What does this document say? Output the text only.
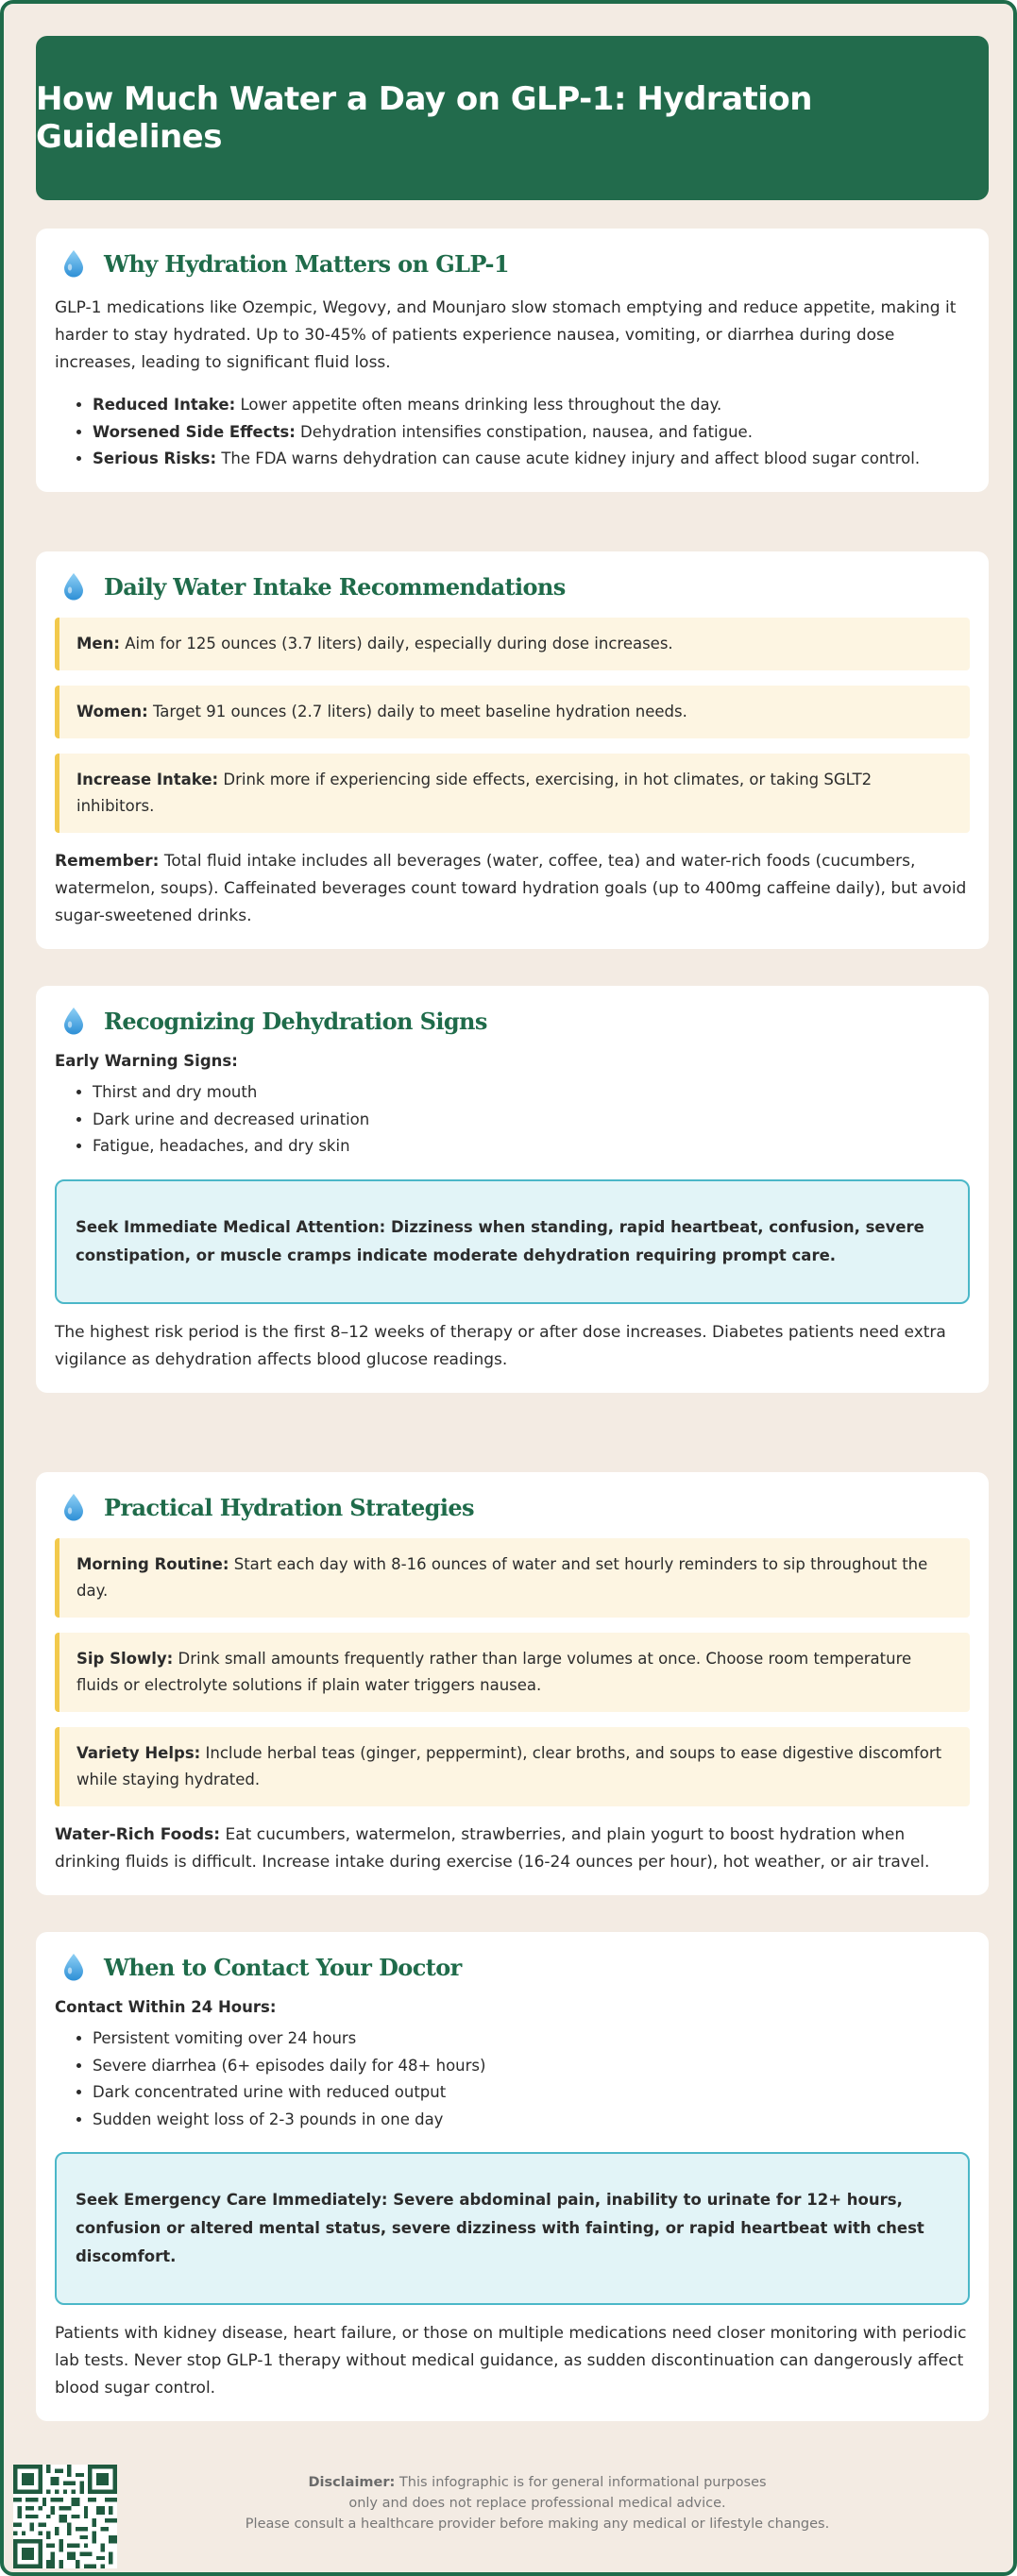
How Much Water a Day on GLP-1: Hydration Guidelines
Why Hydration Matters on GLP-1

GLP-1 medications like Ozempic, Wegovy, and Mounjaro slow stomach emptying and reduce appetite, making it harder to stay hydrated. Up to 30-45% of patients experience nausea, vomiting, or diarrhea during dose increases, leading to significant fluid loss.

• Reduced Intake: Lower appetite often means drinking less throughout the day.
• Worsened Side Effects: Dehydration intensifies constipation, nausea, and fatigue.
• Serious Risks: The FDA warns dehydration can cause acute kidney injury and affect blood sugar control.
Daily Water Intake Recommendations
Men: Aim for 125 ounces (3.7 liters) daily, especially during dose increases.
Women: Target 91 ounces (2.7 liters) daily to meet baseline hydration needs.
Increase Intake: Drink more if experiencing side effects, exercising, in hot climates, or taking SGLT2 inhibitors.

Remember: Total fluid intake includes all beverages (water, coffee, tea) and water-rich foods (cucumbers, watermelon, soups). Caffeinated beverages count toward hydration goals (up to 400mg caffeine daily), but avoid sugar-sweetened drinks.

Recognizing Dehydration Signs
Early Warning Signs:
• Thirst and dry mouth
• Dark urine and decreased urination
• Fatigue, headaches, and dry skin
Seek Immediate Medical Attention: Dizziness when standing, rapid heartbeat, confusion, severe constipation, or muscle cramps indicate moderate dehydration requiring prompt care.

The highest risk period is the first 8–12 weeks of therapy or after dose increases. Diabetes patients need extra vigilance as dehydration affects blood glucose readings.

Practical Hydration Strategies
Morning Routine: Start each day with 8-16 ounces of water and set hourly reminders to sip throughout the day.
Sip Slowly: Drink small amounts frequently rather than large volumes at once. Choose room temperature fluids or electrolyte solutions if plain water triggers nausea.
Variety Helps: Include herbal teas (ginger, peppermint), clear broths, and soups to ease digestive discomfort while staying hydrated.

Water-Rich Foods: Eat cucumbers, watermelon, strawberries, and plain yogurt to boost hydration when drinking fluids is difficult. Increase intake during exercise (16-24 ounces per hour), hot weather, or air travel.

When to Contact Your Doctor
Contact Within 24 Hours:
• Persistent vomiting over 24 hours
• Severe diarrhea (6+ episodes daily for 48+ hours)
• Dark concentrated urine with reduced output
• Sudden weight loss of 2-3 pounds in one day
Seek Emergency Care Immediately: Severe abdominal pain, inability to urinate for 12+ hours, confusion or altered mental status, severe dizziness with fainting, or rapid heartbeat with chest discomfort.

Patients with kidney disease, heart failure, or those on multiple medications need closer monitoring with periodic lab tests. Never stop GLP-1 therapy without medical guidance, as sudden discontinuation can dangerously affect blood sugar control.

Disclaimer: This infographic is for general informational purposes
only and does not replace professional medical advice.
Please consult a healthcare provider before making any medical or lifestyle changes.
